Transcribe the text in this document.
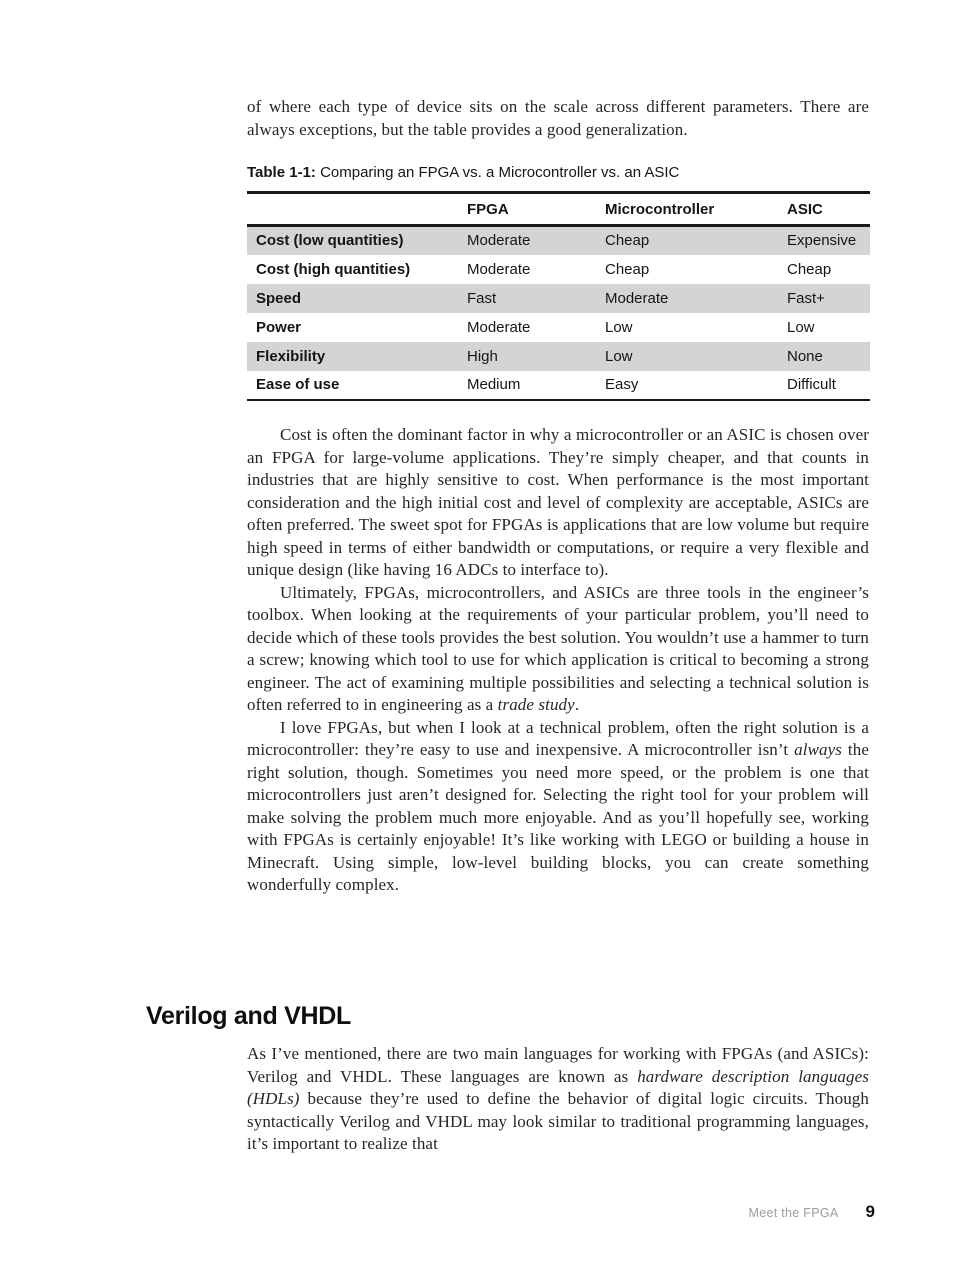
of where each type of device sits on the scale across different parameters. There are always exceptions, but the table provides a good generalization.

Table 1-1: Comparing an FPGA vs. a Microcontroller vs. an ASIC
	FPGA	Microcontroller	ASIC
Cost (low quantities)	Moderate	Cheap	Expensive
Cost (high quantities)	Moderate	Cheap	Cheap
Speed	Fast	Moderate	Fast+
Power	Moderate	Low	Low
Flexibility	High	Low	None
Ease of use	Medium	Easy	Difficult

Cost is often the dominant factor in why a microcontroller or an ASIC is chosen over an FPGA for large-volume applications. They’re simply cheaper, and that counts in industries that are highly sensitive to cost. When performance is the most important consideration and the high initial cost and level of complexity are acceptable, ASICs are often preferred. The sweet spot for FPGAs is applications that are low volume but require high speed in terms of either bandwidth or computations, or require a very flexible and unique design (like having 16 ADCs to interface to).

Ultimately, FPGAs, microcontrollers, and ASICs are three tools in the engineer’s toolbox. When looking at the requirements of your particular problem, you’ll need to decide which of these tools provides the best solution. You wouldn’t use a hammer to turn a screw; knowing which tool to use for which application is critical to becoming a strong engineer. The act of examining multiple possibilities and selecting a technical solution is often referred to in engineering as a trade study.

I love FPGAs, but when I look at a technical problem, often the right solution is a microcontroller: they’re easy to use and inexpensive. A microcontroller isn’t always the right solution, though. Sometimes you need more speed, or the problem is one that microcontrollers just aren’t designed for. Selecting the right tool for your problem will make solving the problem much more enjoyable. And as you’ll hopefully see, working with FPGAs is certainly enjoyable! It’s like working with LEGO or building a house in Minecraft. Using simple, low-level building blocks, you can create something wonderfully complex.

Verilog and VHDL

As I’ve mentioned, there are two main languages for working with FPGAs (and ASICs): Verilog and VHDL. These languages are known as hardware description languages (HDLs) because they’re used to define the behavior of digital logic circuits. Though syntactically Verilog and VHDL may look similar to traditional programming languages, it’s important to realize that

Meet the FPGA 9
